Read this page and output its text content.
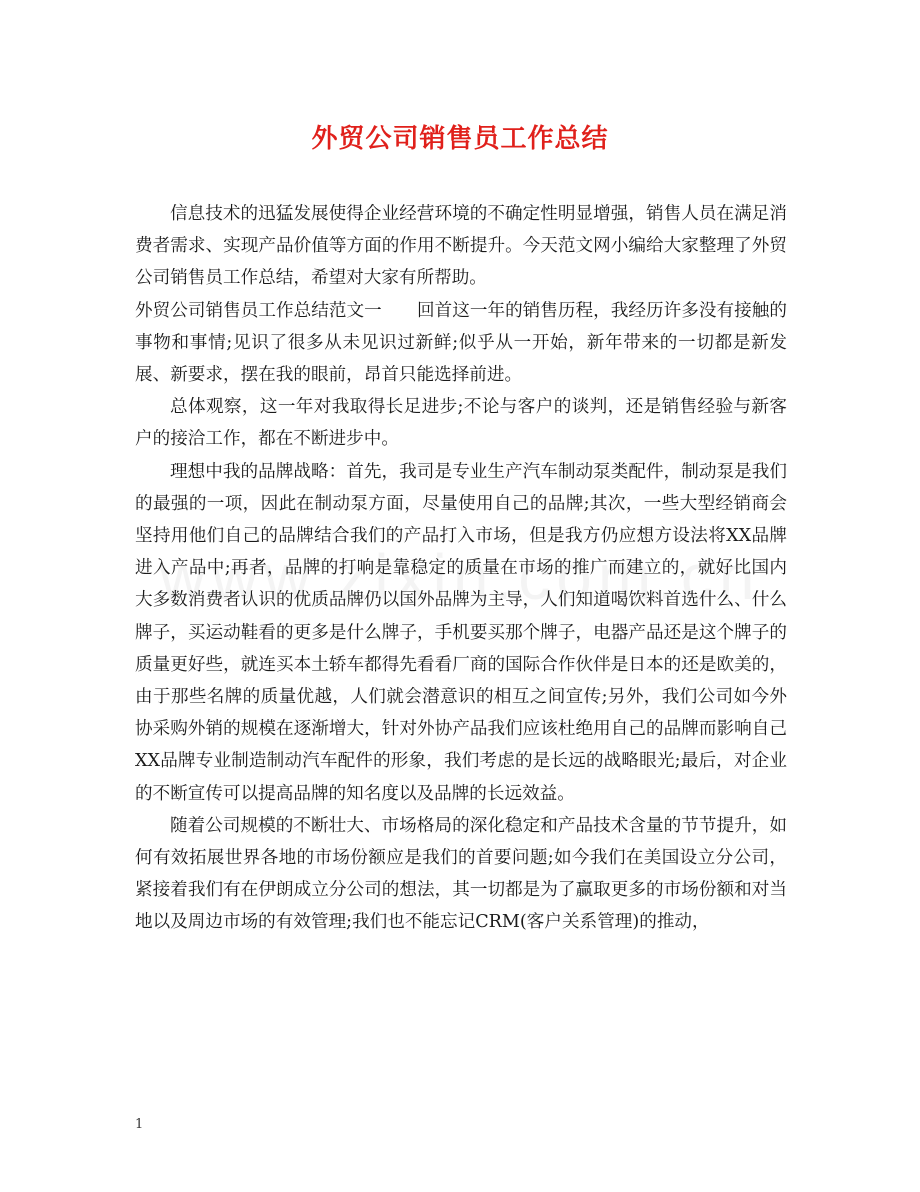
外贸公司销售员工作总结

信息技术的迅猛发展使得企业经营环境的不确定性明显增强，销售人员在满足消费者需求、实现产品价值等方面的作用不断提升。今天范文网小编给大家整理了外贸公司销售员工作总结，希望对大家有所帮助。

外贸公司销售员工作总结范文一　　回首这一年的销售历程，我经历许多没有接触的事物和事情;见识了很多从未见识过新鲜;似乎从一开始，新年带来的一切都是新发展、新要求，摆在我的眼前，昂首只能选择前进。

总体观察，这一年对我取得长足进步;不论与客户的谈判，还是销售经验与新客户的接洽工作，都在不断进步中。

理想中我的品牌战略：首先，我司是专业生产汽车制动泵类配件，制动泵是我们的最强的一项，因此在制动泵方面，尽量使用自己的品牌;其次，一些大型经销商会坚持用他们自己的品牌结合我们的产品打入市场，但是我方仍应想方设法将XX品牌进入产品中;再者，品牌的打响是靠稳定的质量在市场的推广而建立的，就好比国内大多数消费者认识的优质品牌仍以国外品牌为主导，人们知道喝饮料首选什么、什么牌子，买运动鞋看的更多是什么牌子，手机要买那个牌子，电器产品还是这个牌子的质量更好些，就连买本土轿车都得先看看厂商的国际合作伙伴是日本的还是欧美的，由于那些名牌的质量优越，人们就会潜意识的相互之间宣传;另外，我们公司如今外协采购外销的规模在逐渐增大，针对外协产品我们应该杜绝用自己的品牌而影响自己XX品牌专业制造制动汽车配件的形象，我们考虑的是长远的战略眼光;最后，对企业的不断宣传可以提高品牌的知名度以及品牌的长远效益。

随着公司规模的不断壮大、市场格局的深化稳定和产品技术含量的节节提升，如何有效拓展世界各地的市场份额应是我们的首要问题;如今我们在美国设立分公司，紧接着我们有在伊朗成立分公司的想法，其一切都是为了赢取更多的市场份额和对当地以及周边市场的有效管理;我们也不能忘记CRM(客户关系管理)的推动，

1
